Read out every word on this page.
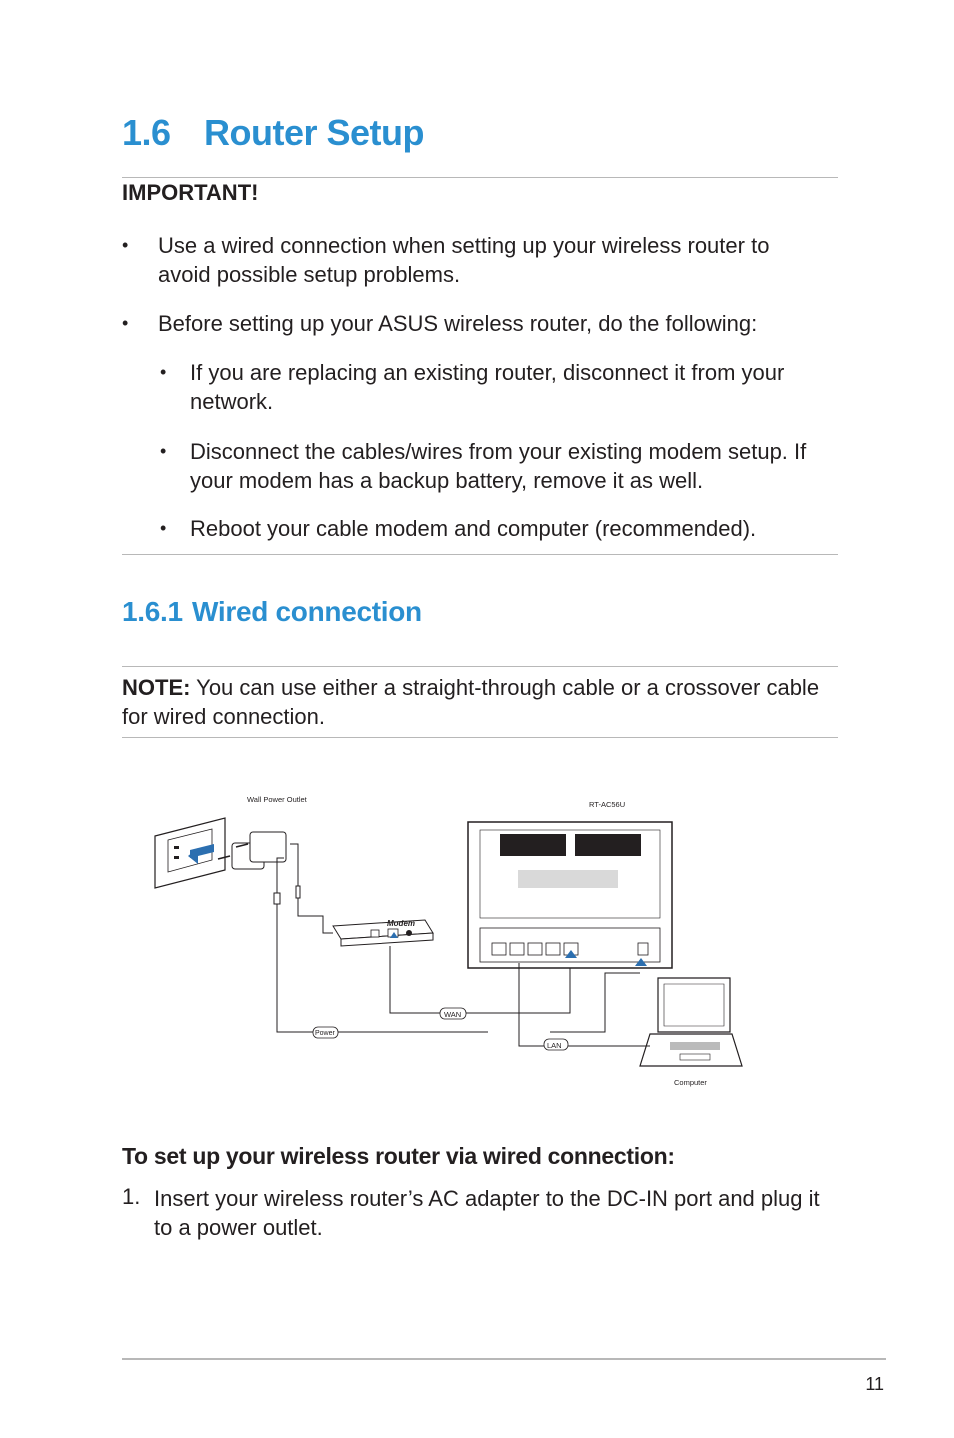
1.6 Router Setup
IMPORTANT!
• Use a wired connection when setting up your wireless router to avoid possible setup problems.
• Before setting up your ASUS wireless router, do the following:
• If you are replacing an existing router, disconnect it from your network.
• Disconnect the cables/wires from your existing modem setup. If your modem has a backup battery, remove it as well.
• Reboot your cable modem and computer (recommended).
1.6.1 Wired connection
NOTE: You can use either a straight-through cable or a crossover cable for wired connection.
Wall Power Outlet
Modem
RT-AC56U
Computer
WAN
Power
LAN
To set up your wireless router via wired connection:
1. Insert your wireless router’s AC adapter to the DC-IN port and plug it to a power outlet.
11
